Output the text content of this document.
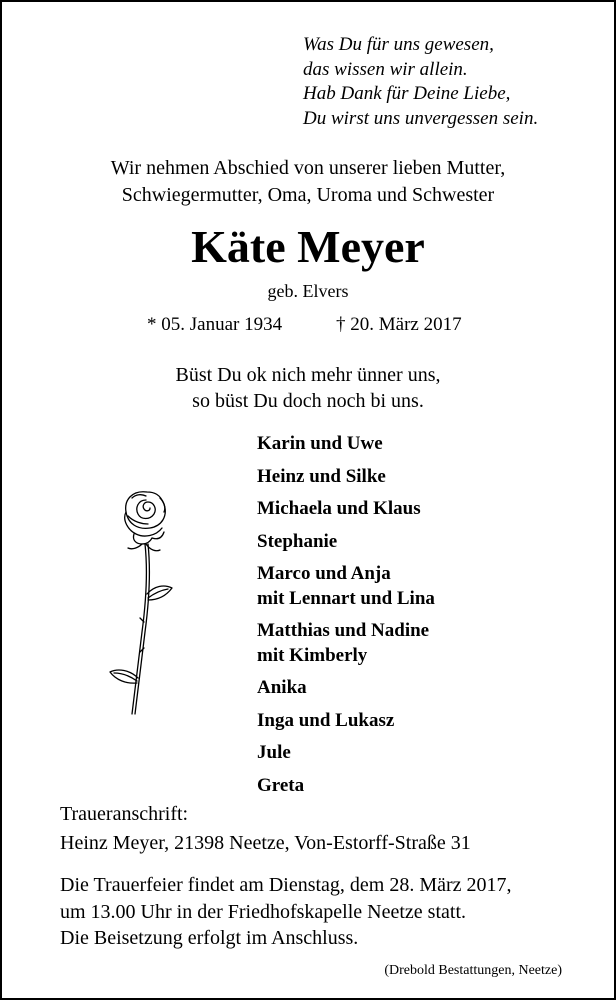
Was Du für uns gewesen,
das wissen wir allein.
Hab Dank für Deine Liebe,
Du wirst uns unvergessen sein.
Wir nehmen Abschied von unserer lieben Mutter,
Schwiegermutter, Oma, Uroma und Schwester
Käte Meyer
geb. Elvers
* 05. Januar 1934	† 20. März 2017
Büst Du ok nich mehr ünner uns,
so büst Du doch noch bi uns.
Karin und Uwe
Heinz und Silke
Michaela und Klaus
Stephanie
Marco und Anja
mit Lennart und Lina
Matthias und Nadine
mit Kimberly
Anika
Inga und Lukasz
Jule
Greta
Traueranschrift:
Heinz Meyer, 21398 Neetze, Von-Estorff-Straße 31
Die Trauerfeier findet am Dienstag, dem 28. März 2017,
um 13.00 Uhr in der Friedhofskapelle Neetze statt.
Die Beisetzung erfolgt im Anschluss.
(Drebold Bestattungen, Neetze)
